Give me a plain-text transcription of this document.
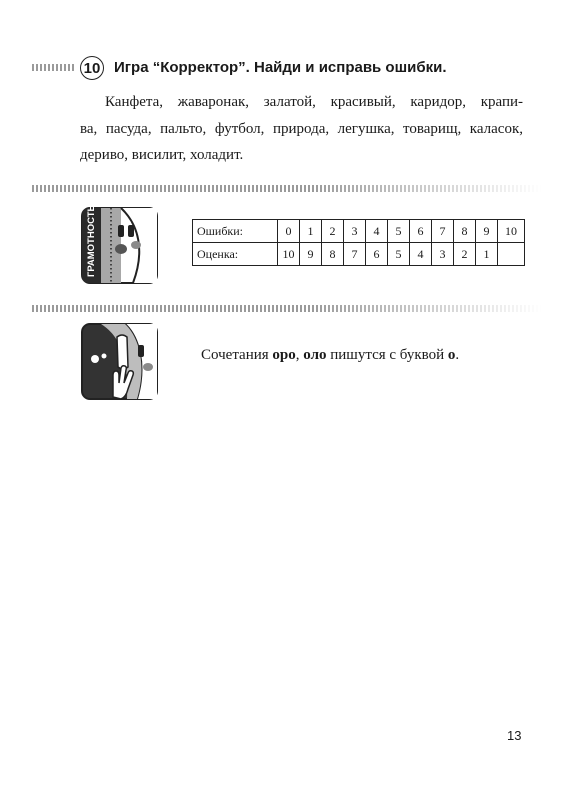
10 Игра “Корректор”. Найди и исправь ошибки.
Канфета, жаваронак, залатой, красивый, каридор, крапи-
ва, пасуда, пальто, футбол, природа, легушка, товарищ, каласок,
дериво, висилит, холадит.
ГРАМОТНОСТЬ	Ошибки:	0	1	2	3	4	5	6	7	8	9	10
Оценка:	10	9	8	7	6	5	4	3	2	1	
Сочетания оро, оло пишутся с буквой о.
13
